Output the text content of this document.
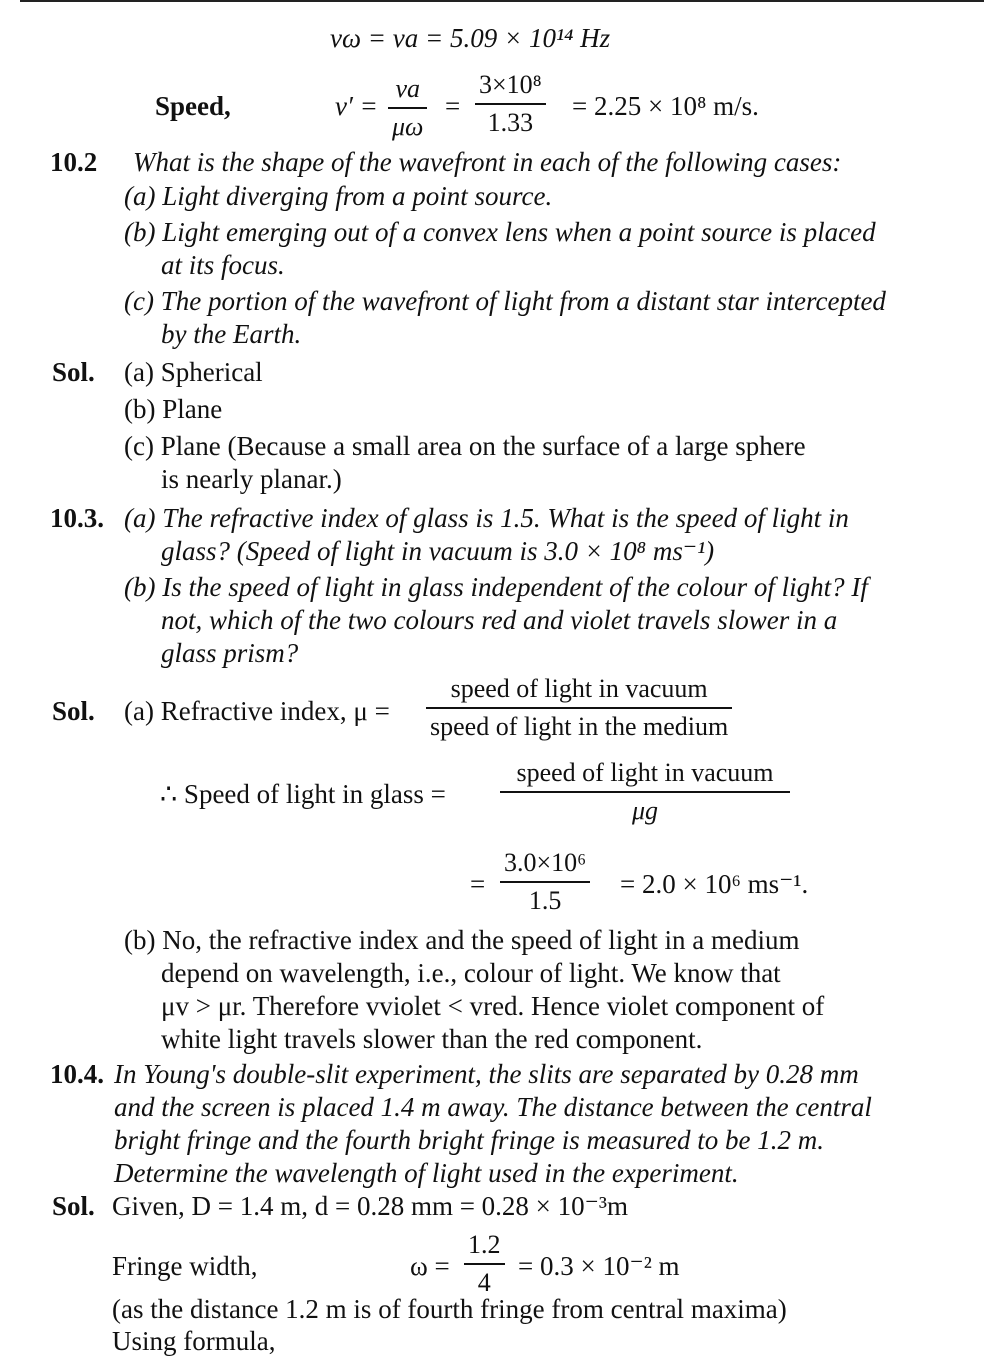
vω = va = 5.09 × 10¹⁴ Hz
Speed,	v′ =
va
μω
=
3×10⁸
1.33
= 2.25 × 10⁸ m/s.
10.2 What is the shape of the wavefront in each of the following cases:
(a) Light diverging from a point source.
(b) Light emerging out of a convex lens when a point source is placed
at its focus.
(c) The portion of the wavefront of light from a distant star intercepted
by the Earth.
Sol. (a) Spherical
(b) Plane
(c) Plane (Because a small area on the surface of a large sphere
is nearly planar.)
10.3. (a) The refractive index of glass is 1.5. What is the speed of light in
glass? (Speed of light in vacuum is 3.0 × 10⁸ ms⁻¹)
(b) Is the speed of light in glass independent of the colour of light? If
not, which of the two colours red and violet travels slower in a
glass prism?
Sol. (a) Refractive index, μ =
speed of light in vacuum
speed of light in the medium
∴ Speed of light in glass =
speed of light in vacuum
μg
=
3.0×10⁶
1.5
= 2.0 × 10⁶ ms⁻¹.
(b) No, the refractive index and the speed of light in a medium
depend on wavelength, i.e., colour of light. We know that
μv > μr. Therefore vviolet < vred. Hence violet component of
white light travels slower than the red component.
10.4. In Young's double-slit experiment, the slits are separated by 0.28 mm
and the screen is placed 1.4 m away. The distance between the central
bright fringe and the fourth bright fringe is measured to be 1.2 m.
Determine the wavelength of light used in the experiment.
Sol. Given, D = 1.4 m, d = 0.28 mm = 0.28 × 10⁻³m
Fringe width,	ω =
1.2
4
= 0.3 × 10⁻² m
(as the distance 1.2 m is of fourth fringe from central maxima)
Using formula,
